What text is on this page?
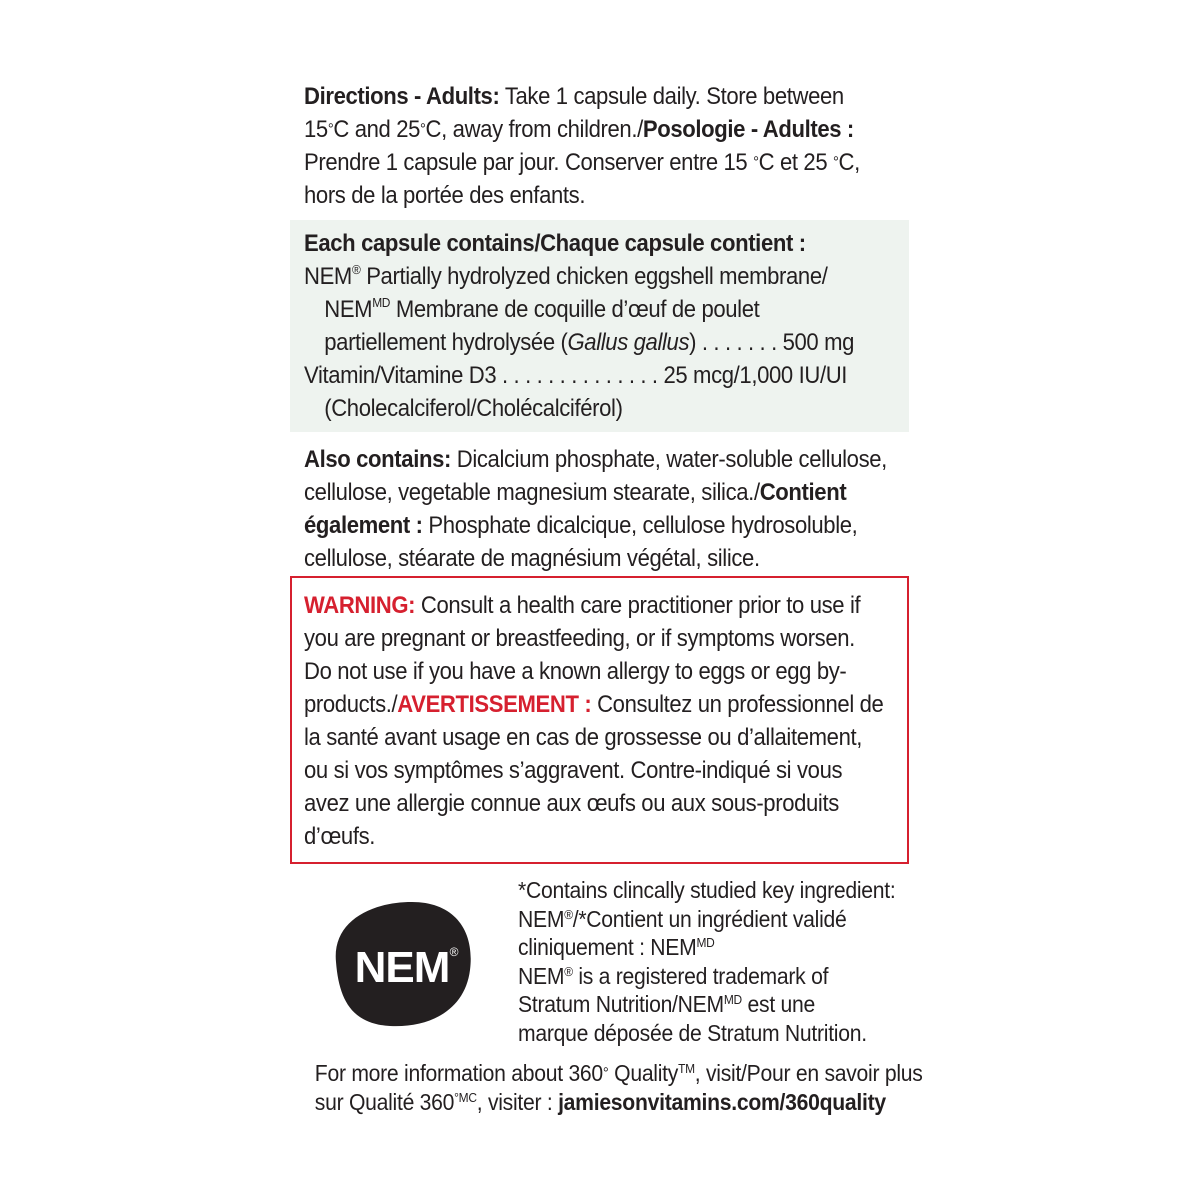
Directions - Adults: Take 1 capsule daily. Store between
15°C and 25°C, away from children./Posologie - Adultes :
Prendre 1 capsule par jour. Conserver entre 15 °C et 25 °C,
hors de la portée des enfants.
Each capsule contains/Chaque capsule contient :
NEM® Partially hydrolyzed chicken eggshell membrane/
$NEM^{MD}$ Membrane de coquille d’œuf de poulet
partiellement hydrolysée (Gallus gallus) . . . . . . . 500 mg
Vitamin/Vitamine D3 . . . . . . . . . . . . . . 25 mcg/1,000 IU/UI
(Cholecalciferol/Cholécalciférol)
Also contains: Dicalcium phosphate, water-soluble cellulose,
cellulose, vegetable magnesium stearate, silica./Contient
également : Phosphate dicalcique, cellulose hydrosoluble,
cellulose, stéarate de magnésium végétal, silice.
WARNING: Consult a health care practitioner prior to use if
you are pregnant or breastfeeding, or if symptoms worsen.
Do not use if you have a known allergy to eggs or egg by-
products./AVERTISSEMENT : Consultez un professionnel de
la santé avant usage en cas de grossesse ou d’allaitement,
ou si vos symptômes s’aggravent. Contre-indiqué si vous
avez une allergie connue aux œufs ou aux sous-produits
d’œufs.
NEM ®
*Contains clincally studied key ingredient:
NEM®/*Contient un ingrédient validé
cliniquement : $NEM^{MD}$
NEM® is a registered trademark of
Stratum Nutrition/$NEM^{MD}$ est une
marque déposée de Stratum Nutrition.
For more information about 360° Quality™, visit/Pour en savoir plus
sur Qualité $360^{^\circ MC}$, visiter : jamiesonvitamins.com/360quality
